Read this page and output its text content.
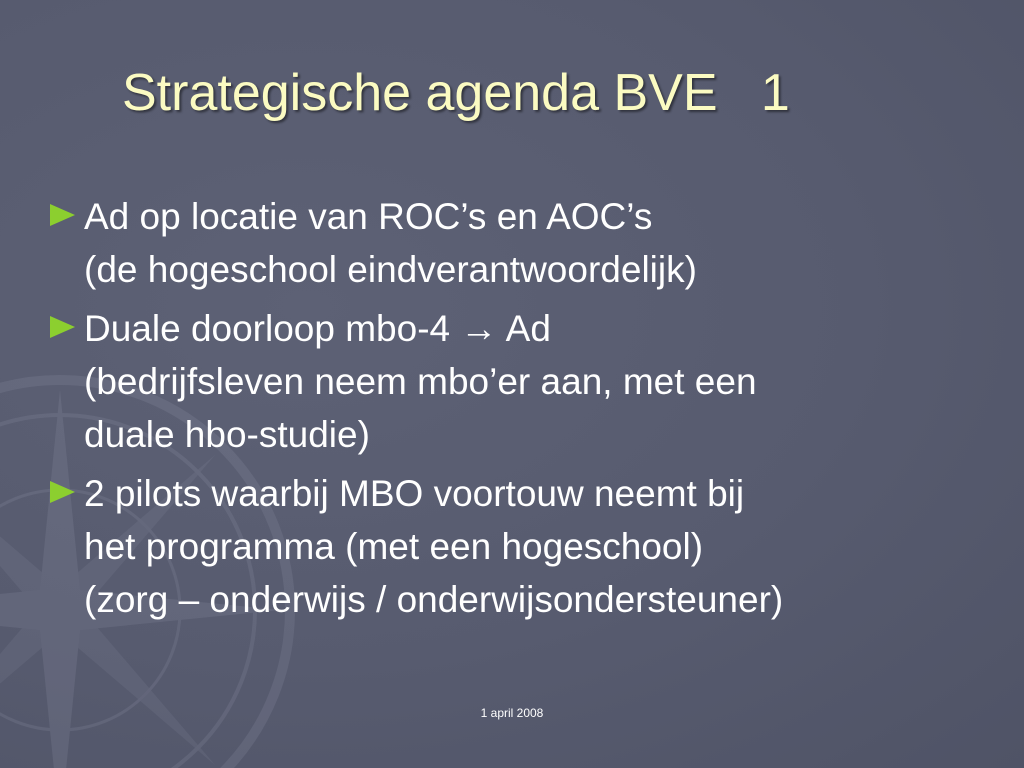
Strategische agenda BVE   1
Ad op locatie van ROC’s en AOC’s
(de hogeschool eindverantwoordelijk)
Duale doorloop mbo-4 → Ad
(bedrijfsleven neem mbo’er aan, met een
duale hbo-studie)
2 pilots waarbij MBO voortouw neemt bij
het programma (met een hogeschool)
(zorg – onderwijs / onderwijsondersteuner)
1 april 2008
